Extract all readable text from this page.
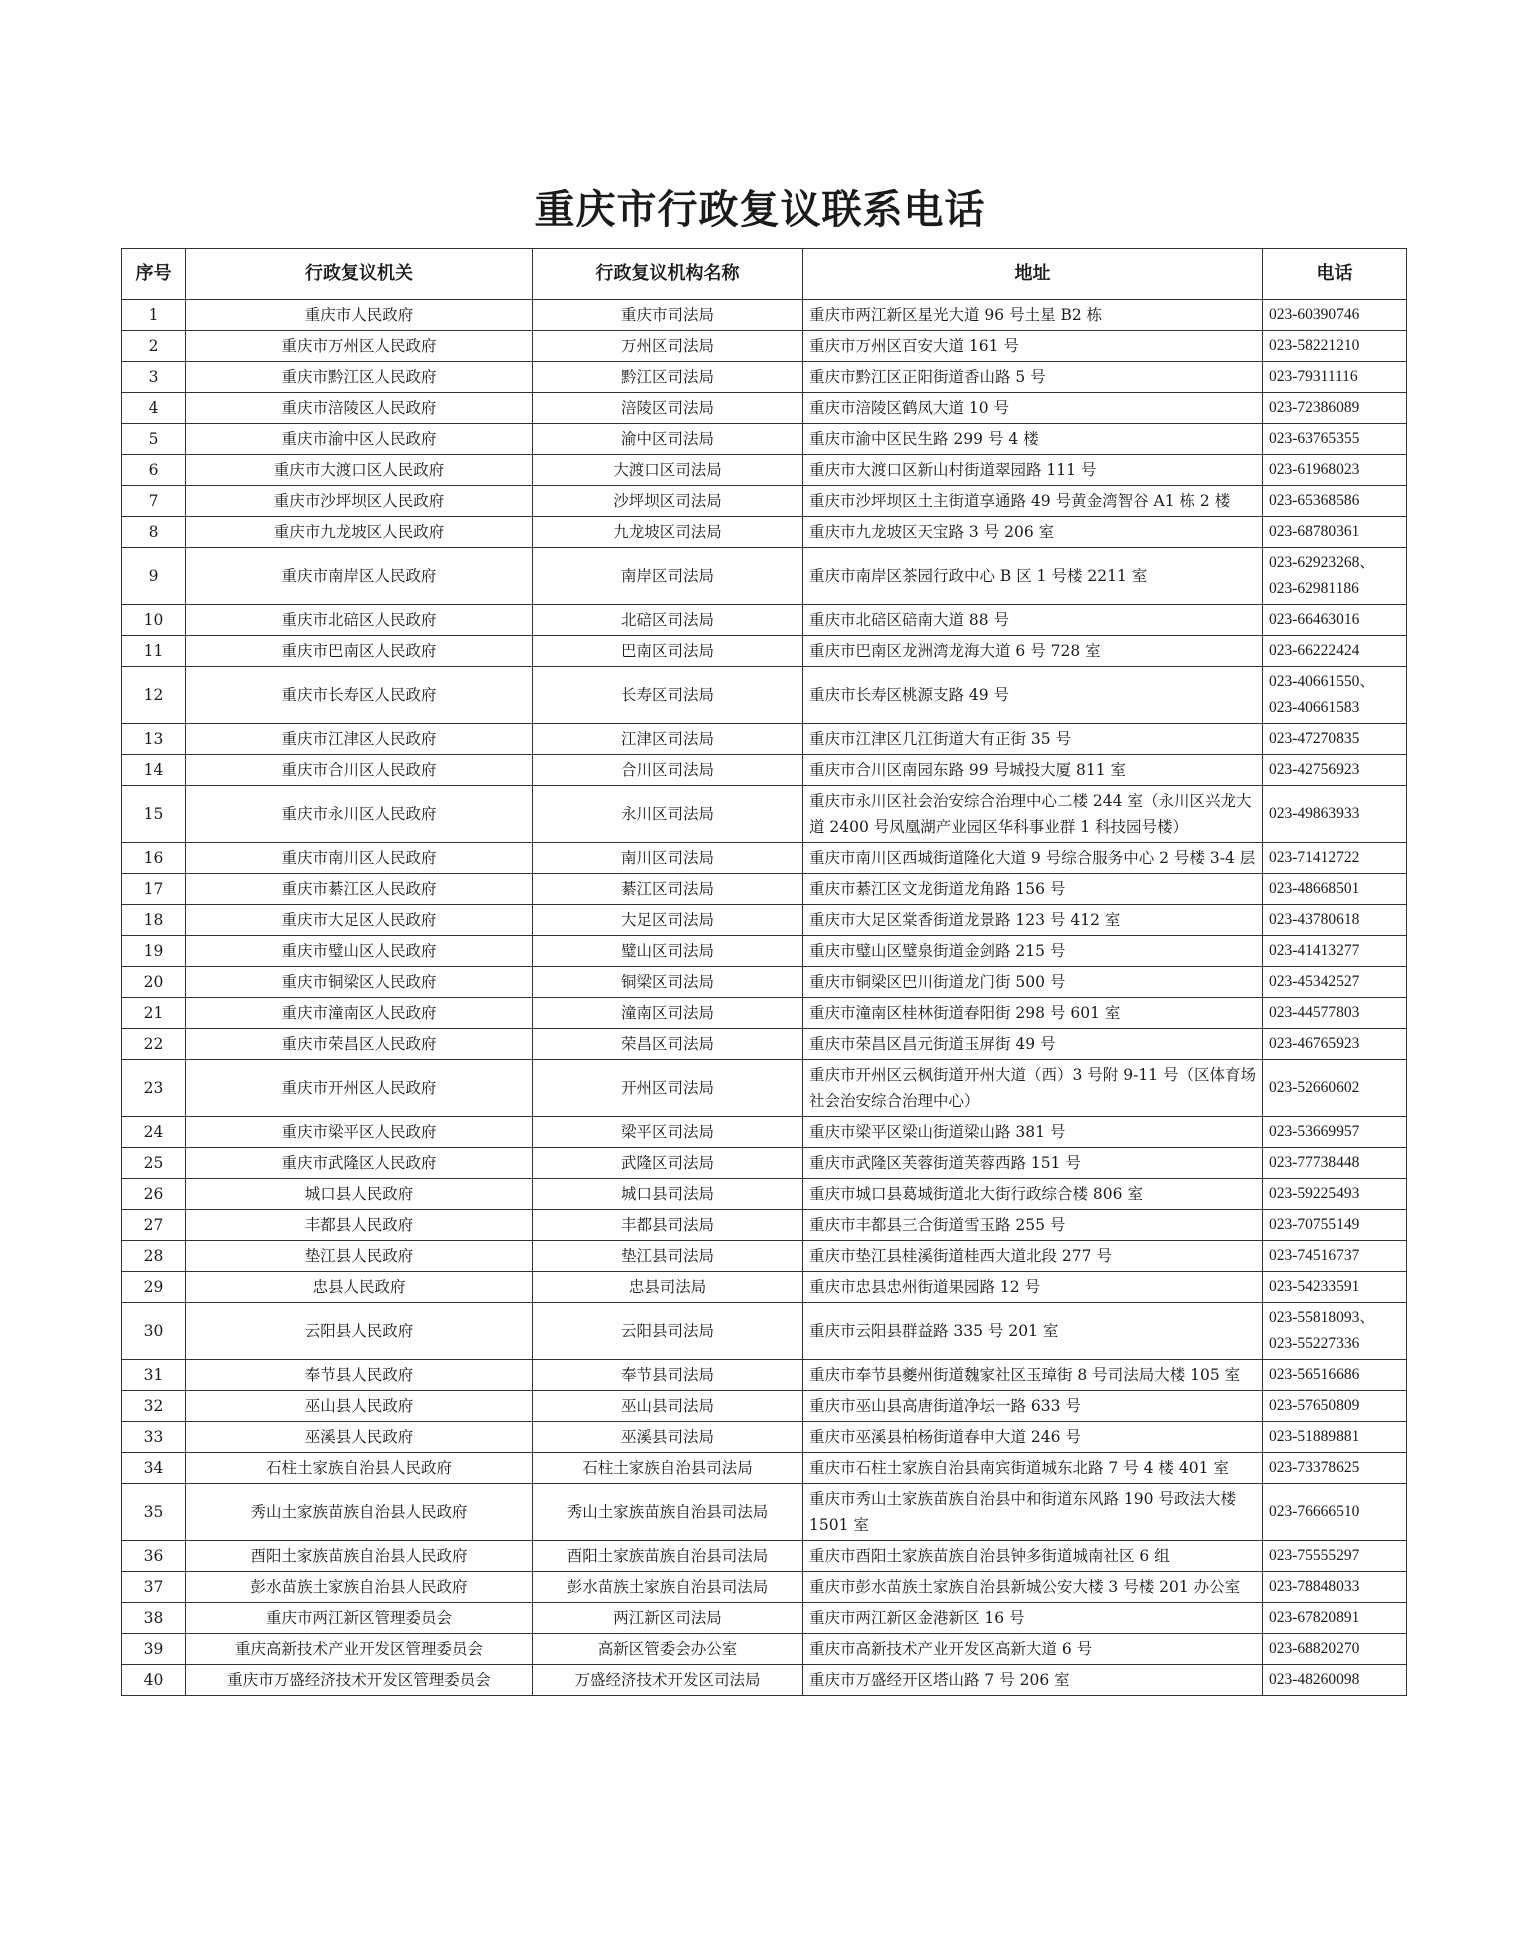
重庆市行政复议联系电话
序号	行政复议机关	行政复议机构名称	地址	电话
1	重庆市人民政府	重庆市司法局	重庆市两江新区星光大道 96 号土星 B2 栋	023-60390746
2	重庆市万州区人民政府	万州区司法局	重庆市万州区百安大道 161 号	023-58221210
3	重庆市黔江区人民政府	黔江区司法局	重庆市黔江区正阳街道香山路 5 号	023-79311116
4	重庆市涪陵区人民政府	涪陵区司法局	重庆市涪陵区鹤凤大道 10 号	023-72386089
5	重庆市渝中区人民政府	渝中区司法局	重庆市渝中区民生路 299 号 4 楼	023-63765355
6	重庆市大渡口区人民政府	大渡口区司法局	重庆市大渡口区新山村街道翠园路 111 号	023-61968023
7	重庆市沙坪坝区人民政府	沙坪坝区司法局	重庆市沙坪坝区土主街道享通路 49 号黄金湾智谷 A1 栋 2 楼	023-65368586
8	重庆市九龙坡区人民政府	九龙坡区司法局	重庆市九龙坡区天宝路 3 号 206 室	023-68780361
9	重庆市南岸区人民政府	南岸区司法局	重庆市南岸区茶园行政中心 B 区 1 号楼 2211 室	023-62923268、023-62981186
10	重庆市北碚区人民政府	北碚区司法局	重庆市北碚区碚南大道 88 号	023-66463016
11	重庆市巴南区人民政府	巴南区司法局	重庆市巴南区龙洲湾龙海大道 6 号 728 室	023-66222424
12	重庆市长寿区人民政府	长寿区司法局	重庆市长寿区桃源支路 49 号	023-40661550、023-40661583
13	重庆市江津区人民政府	江津区司法局	重庆市江津区几江街道大有正街 35 号	023-47270835
14	重庆市合川区人民政府	合川区司法局	重庆市合川区南园东路 99 号城投大厦 811 室	023-42756923
15	重庆市永川区人民政府	永川区司法局	重庆市永川区社会治安综合治理中心二楼 244 室（永川区兴龙大道 2400 号凤凰湖产业园区华科事业群 1 科技园号楼）	023-49863933
16	重庆市南川区人民政府	南川区司法局	重庆市南川区西城街道隆化大道 9 号综合服务中心 2 号楼 3-4 层	023-71412722
17	重庆市綦江区人民政府	綦江区司法局	重庆市綦江区文龙街道龙角路 156 号	023-48668501
18	重庆市大足区人民政府	大足区司法局	重庆市大足区棠香街道龙景路 123 号 412 室	023-43780618
19	重庆市璧山区人民政府	璧山区司法局	重庆市璧山区璧泉街道金剑路 215 号	023-41413277
20	重庆市铜梁区人民政府	铜梁区司法局	重庆市铜梁区巴川街道龙门街 500 号	023-45342527
21	重庆市潼南区人民政府	潼南区司法局	重庆市潼南区桂林街道春阳街 298 号 601 室	023-44577803
22	重庆市荣昌区人民政府	荣昌区司法局	重庆市荣昌区昌元街道玉屏街 49 号	023-46765923
23	重庆市开州区人民政府	开州区司法局	重庆市开州区云枫街道开州大道（西）3 号附 9-11 号（区体育场 社会治安综合治理中心）	023-52660602
24	重庆市梁平区人民政府	梁平区司法局	重庆市梁平区梁山街道梁山路 381 号	023-53669957
25	重庆市武隆区人民政府	武隆区司法局	重庆市武隆区芙蓉街道芙蓉西路 151 号	023-77738448
26	城口县人民政府	城口县司法局	重庆市城口县葛城街道北大街行政综合楼 806 室	023-59225493
27	丰都县人民政府	丰都县司法局	重庆市丰都县三合街道雪玉路 255 号	023-70755149
28	垫江县人民政府	垫江县司法局	重庆市垫江县桂溪街道桂西大道北段 277 号	023-74516737
29	忠县人民政府	忠县司法局	重庆市忠县忠州街道果园路 12 号	023-54233591
30	云阳县人民政府	云阳县司法局	重庆市云阳县群益路 335 号 201 室	023-55818093、023-55227336
31	奉节县人民政府	奉节县司法局	重庆市奉节县夔州街道魏家社区玉璋街 8 号司法局大楼 105 室	023-56516686
32	巫山县人民政府	巫山县司法局	重庆市巫山县高唐街道净坛一路 633 号	023-57650809
33	巫溪县人民政府	巫溪县司法局	重庆市巫溪县柏杨街道春申大道 246 号	023-51889881
34	石柱土家族自治县人民政府	石柱土家族自治县司法局	重庆市石柱土家族自治县南宾街道城东北路 7 号 4 楼 401 室	023-73378625
35	秀山土家族苗族自治县人民政府	秀山土家族苗族自治县司法局	重庆市秀山土家族苗族自治县中和街道东风路 190 号政法大楼 1501 室	023-76666510
36	酉阳土家族苗族自治县人民政府	酉阳土家族苗族自治县司法局	重庆市酉阳土家族苗族自治县钟多街道城南社区 6 组	023-75555297
37	彭水苗族土家族自治县人民政府	彭水苗族土家族自治县司法局	重庆市彭水苗族土家族自治县新城公安大楼 3 号楼 201 办公室	023-78848033
38	重庆市两江新区管理委员会	两江新区司法局	重庆市两江新区金港新区 16 号	023-67820891
39	重庆高新技术产业开发区管理委员会	高新区管委会办公室	重庆市高新技术产业开发区高新大道 6 号	023-68820270
40	重庆市万盛经济技术开发区管理委员会	万盛经济技术开发区司法局	重庆市万盛经开区塔山路 7 号 206 室	023-48260098
